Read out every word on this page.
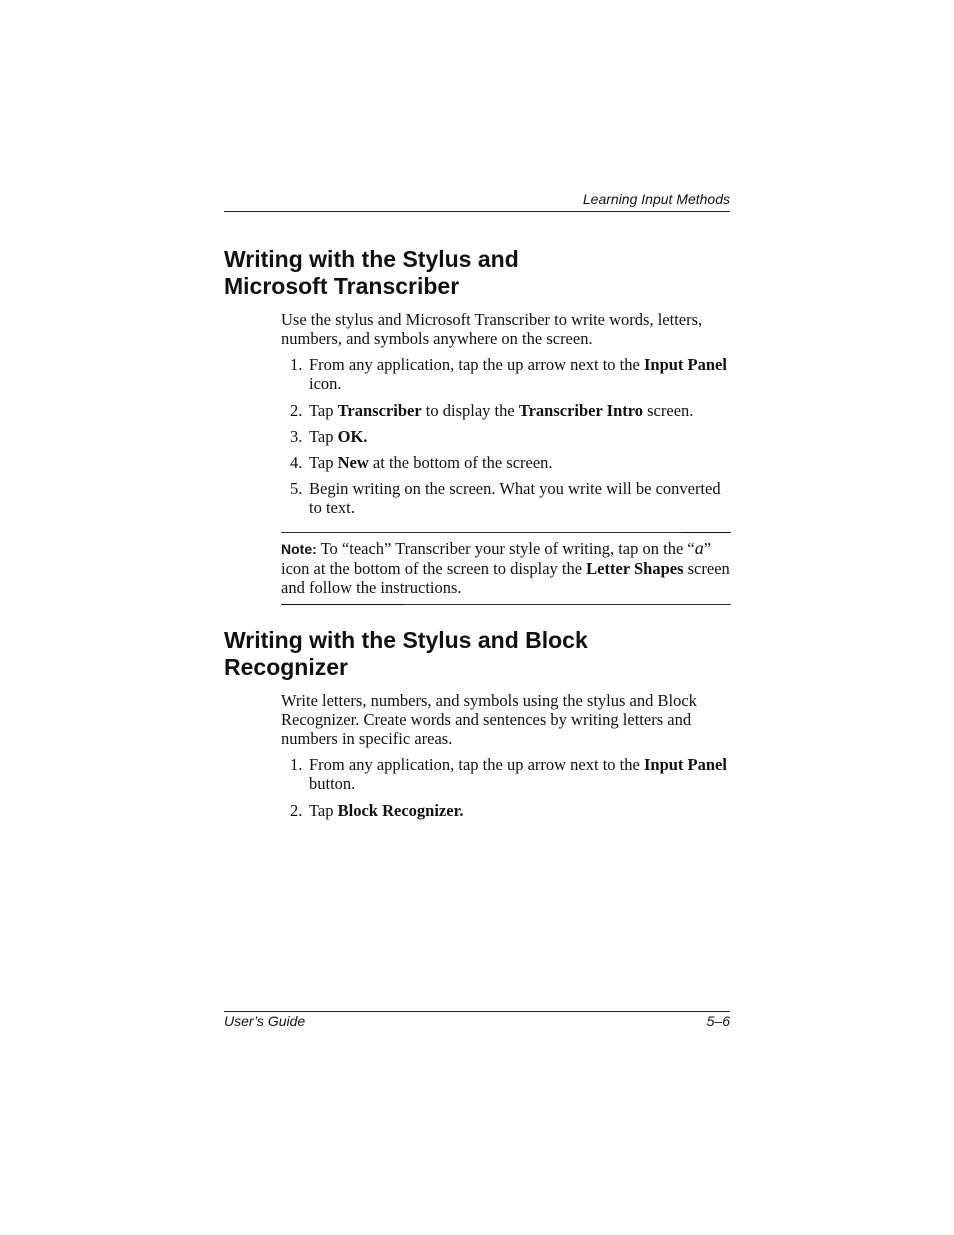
Learning Input Methods
Writing with the Stylus and
Microsoft Transcriber

Use the stylus and Microsoft Transcriber to write words, letters, numbers, and symbols anywhere on the screen.

1. From any application, tap the up arrow next to the Input Panel icon.
2. Tap Transcriber to display the Transcriber Intro screen.
3. Tap OK.
4. Tap New at the bottom of the screen.
5. Begin writing on the screen. What you write will be converted to text.

Note: To “teach” Transcriber your style of writing, tap on the “a” icon at the bottom of the screen to display the Letter Shapes screen and follow the instructions.

Writing with the Stylus and Block
Recognizer

Write letters, numbers, and symbols using the stylus and Block Recognizer. Create words and sentences by writing letters and numbers in specific areas.

1. From any application, tap the up arrow next to the Input Panel button.
2. Tap Block Recognizer.
User’s Guide	5–6
